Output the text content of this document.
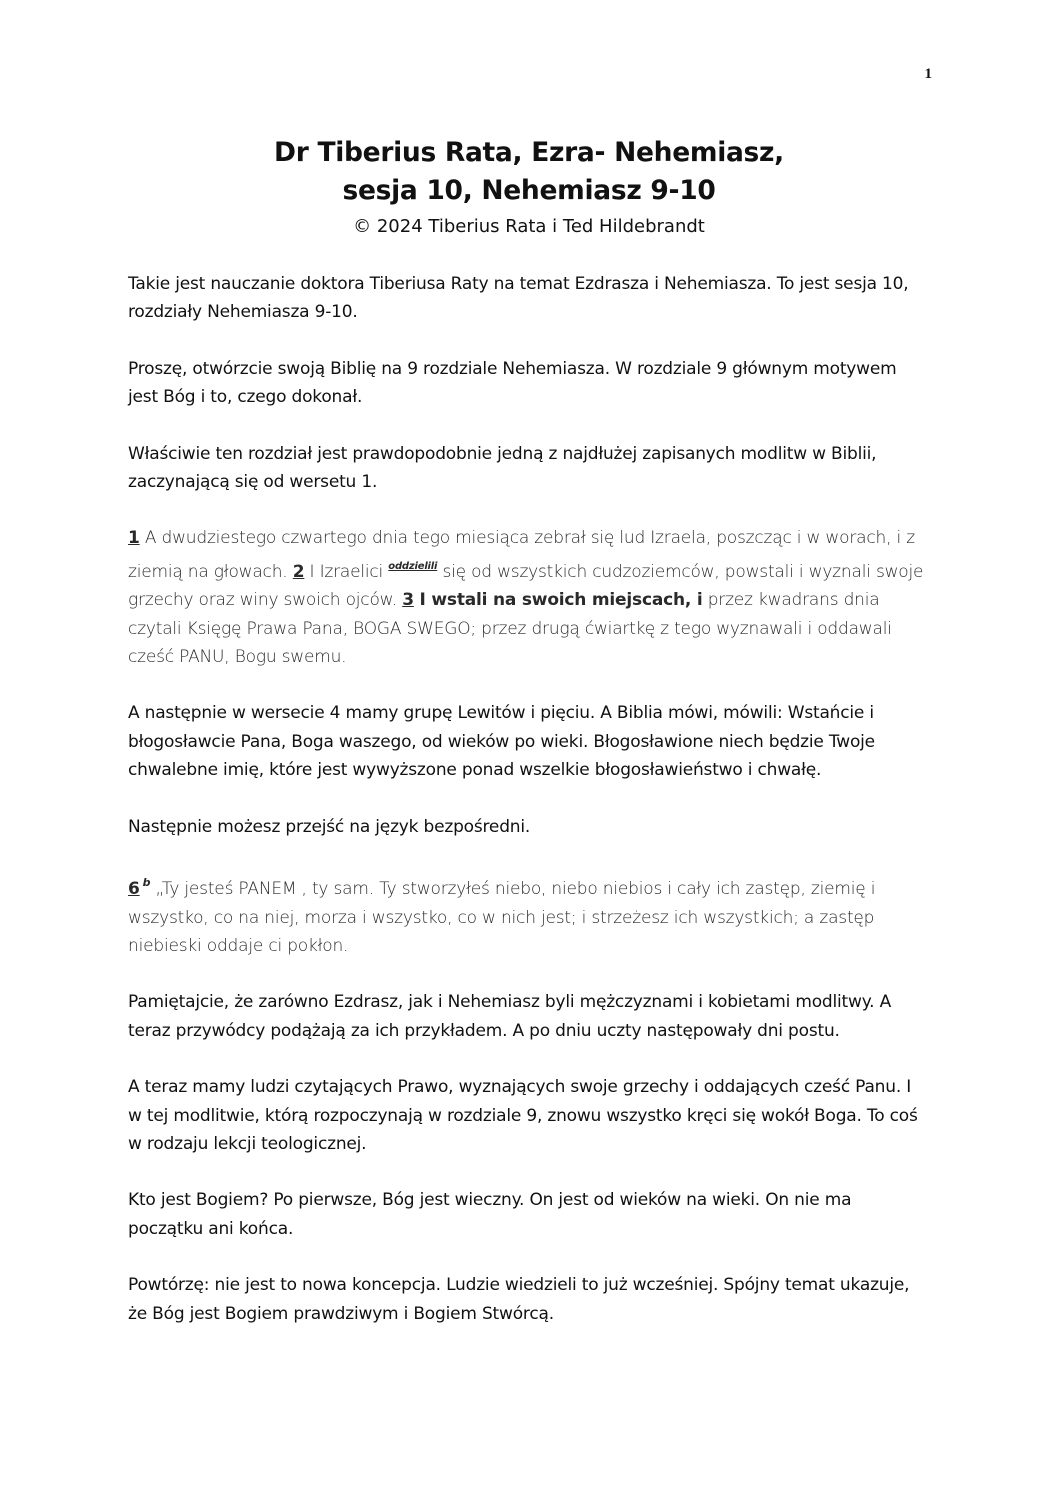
1
Dr Tiberius Rata, Ezra- Nehemiasz,
sesja 10, Nehemiasz 9-10
© 2024 Tiberius Rata i Ted Hildebrandt

Takie jest nauczanie doktora Tiberiusa Raty na temat Ezdrasza i Nehemiasza. To jest sesja 10, rozdziały Nehemiasza 9-10.

Proszę, otwórzcie swoją Biblię na 9 rozdziale Nehemiasza. W rozdziale 9 głównym motywem jest Bóg i to, czego dokonał.

Właściwie ten rozdział jest prawdopodobnie jedną z najdłużej zapisanych modlitw w Biblii, zaczynającą się od wersetu 1.

1 A dwudziestego czwartego dnia tego miesiąca zebrał się lud Izraela, poszcząc i w worach, i z ziemią na głowach. 2 I Izraelici $^{oddzielili}$ się od wszystkich cudzoziemców, powstali i wyznali swoje grzechy oraz winy swoich ojców. 3 I wstali na swoich miejscach, i przez kwadrans dnia czytali Księgę Prawa Pana, BOGA SWEGO; przez drugą ćwiartkę z tego wyznawali i oddawali cześć PANU, Bogu swemu.

A następnie w wersecie 4 mamy grupę Lewitów i pięciu. A Biblia mówi, mówili: Wstańcie i błogosławcie Pana, Boga waszego, od wieków po wieki. Błogosławione niech będzie Twoje chwalebne imię, które jest wywyższone ponad wszelkie błogosławieństwo i chwałę.

Następnie możesz przejść na język bezpośredni.

6 $^b$ „Ty jesteś PANEM , ty sam. Ty stworzyłeś niebo, niebo niebios i cały ich zastęp, ziemię i wszystko, co na niej, morza i wszystko, co w nich jest; i strzeżesz ich wszystkich; a zastęp niebieski oddaje ci pokłon.

Pamiętajcie, że zarówno Ezdrasz, jak i Nehemiasz byli mężczyznami i kobietami modlitwy. A teraz przywódcy podążają za ich przykładem. A po dniu uczty następowały dni postu.

A teraz mamy ludzi czytających Prawo, wyznających swoje grzechy i oddających cześć Panu. I w tej modlitwie, którą rozpoczynają w rozdziale 9, znowu wszystko kręci się wokół Boga. To coś w rodzaju lekcji teologicznej.

Kto jest Bogiem? Po pierwsze, Bóg jest wieczny. On jest od wieków na wieki. On nie ma początku ani końca.

Powtórzę: nie jest to nowa koncepcja. Ludzie wiedzieli to już wcześniej. Spójny temat ukazuje, że Bóg jest Bogiem prawdziwym i Bogiem Stwórcą.
